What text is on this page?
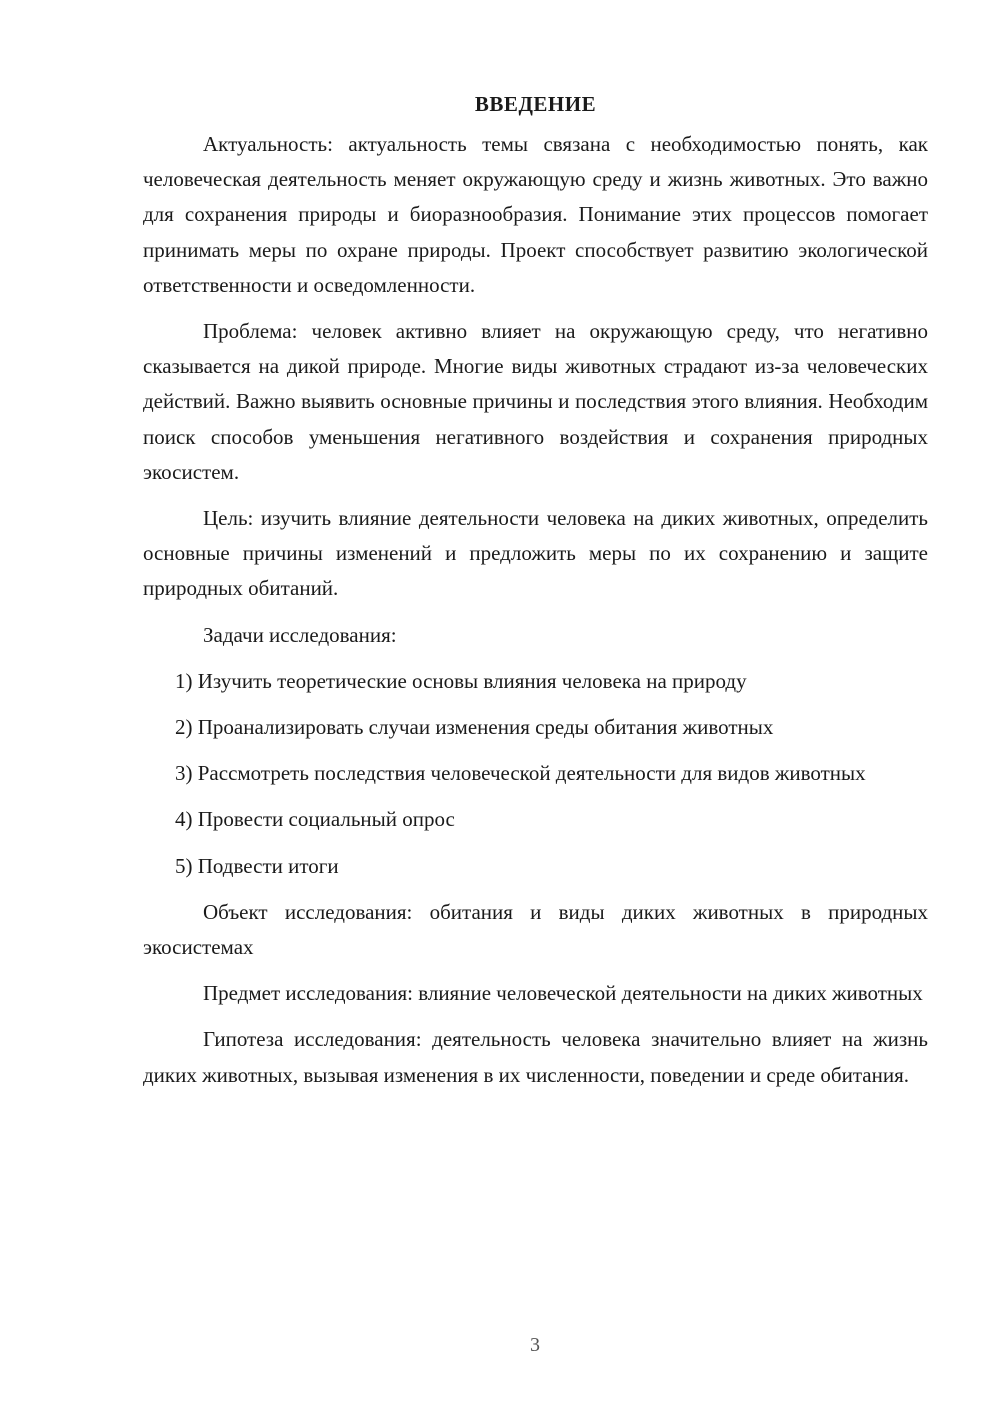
ВВЕДЕНИЕ

Актуальность: актуальность темы связана с необходимостью понять, как человеческая деятельность меняет окружающую среду и жизнь животных. Это важно для сохранения природы и биоразнообразия. Понимание этих процессов помогает принимать меры по охране природы. Проект способствует развитию экологической ответственности и осведомленности.

Проблема: человек активно влияет на окружающую среду, что негативно сказывается на дикой природе. Многие виды животных страдают из-за человеческих действий. Важно выявить основные причины и последствия этого влияния. Необходим поиск способов уменьшения негативного воздействия и сохранения природных экосистем.

Цель: изучить влияние деятельности человека на диких животных, определить основные причины изменений и предложить меры по их сохранению и защите природных обитаний.

Задачи исследования:

1) Изучить теоретические основы влияния человека на природу

2) Проанализировать случаи изменения среды обитания животных

3) Рассмотреть последствия человеческой деятельности для видов животных

4) Провести социальный опрос

5) Подвести итоги

Объект исследования: обитания и виды диких животных в природных экосистемах

Предмет исследования: влияние человеческой деятельности на диких животных

Гипотеза исследования: деятельность человека значительно влияет на жизнь диких животных, вызывая изменения в их численности, поведении и среде обитания.

3
